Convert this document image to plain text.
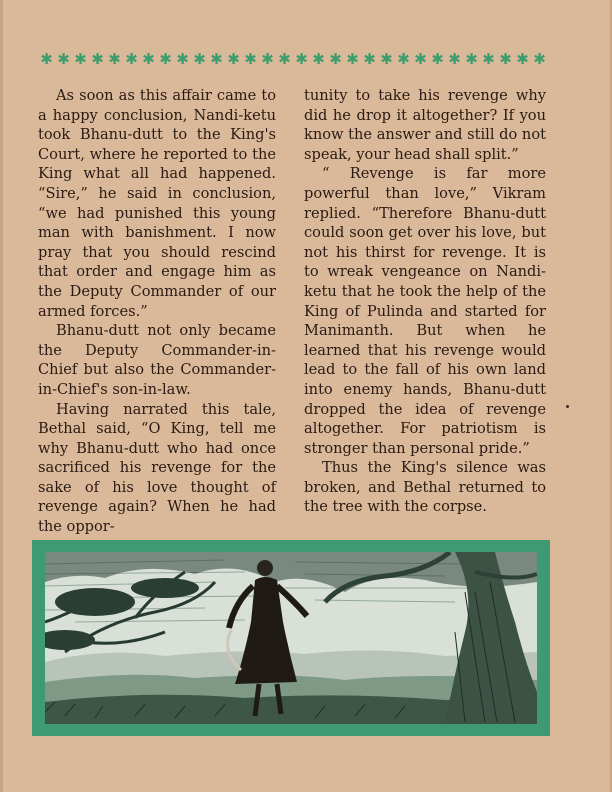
✱ ✱ ✱ ✱ ✱ ✱ ✱ ✱ ✱ ✱ ✱ ✱ ✱ ✱ ✱ ✱ ✱ ✱ ✱ ✱ ✱ ✱ ✱ ✱ ✱ ✱ ✱ ✱ ✱ ✱

As soon as this affair came to a happy conclusion, Nandi-ketu took Bhanu-dutt to the King's Court, where he reported to the King what all had happened. “Sire,” he said in conclusion, “we had punished this young man with banishment. I now pray that you should rescind that order and engage him as the Deputy Commander of our armed forces.”

Bhanu-dutt not only became the Deputy Commander-in-Chief but also the Commander-in-Chief's son-in-law.

Having narrated this tale, Bethal said, “O King, tell me why Bhanu-dutt who had once sacrificed his revenge for the sake of his love thought of revenge again? When he had the oppor-

tunity to take his revenge why did he drop it altogether? If you know the answer and still do not speak, your head shall split.”

“ Revenge is far more powerful than love,” Vikram replied. “Therefore Bhanu-dutt could soon get over his love, but not his thirst for revenge. It is to wreak vengeance on Nandi-ketu that he took the help of the King of Pulinda and started for Manimanth. But when he learned that his revenge would lead to the fall of his own land into enemy hands, Bhanu-dutt dropped the idea of revenge altogether. For patriotism is stronger than personal pride.”

Thus the King's silence was broken, and Bethal returned to the tree with the corpse.
